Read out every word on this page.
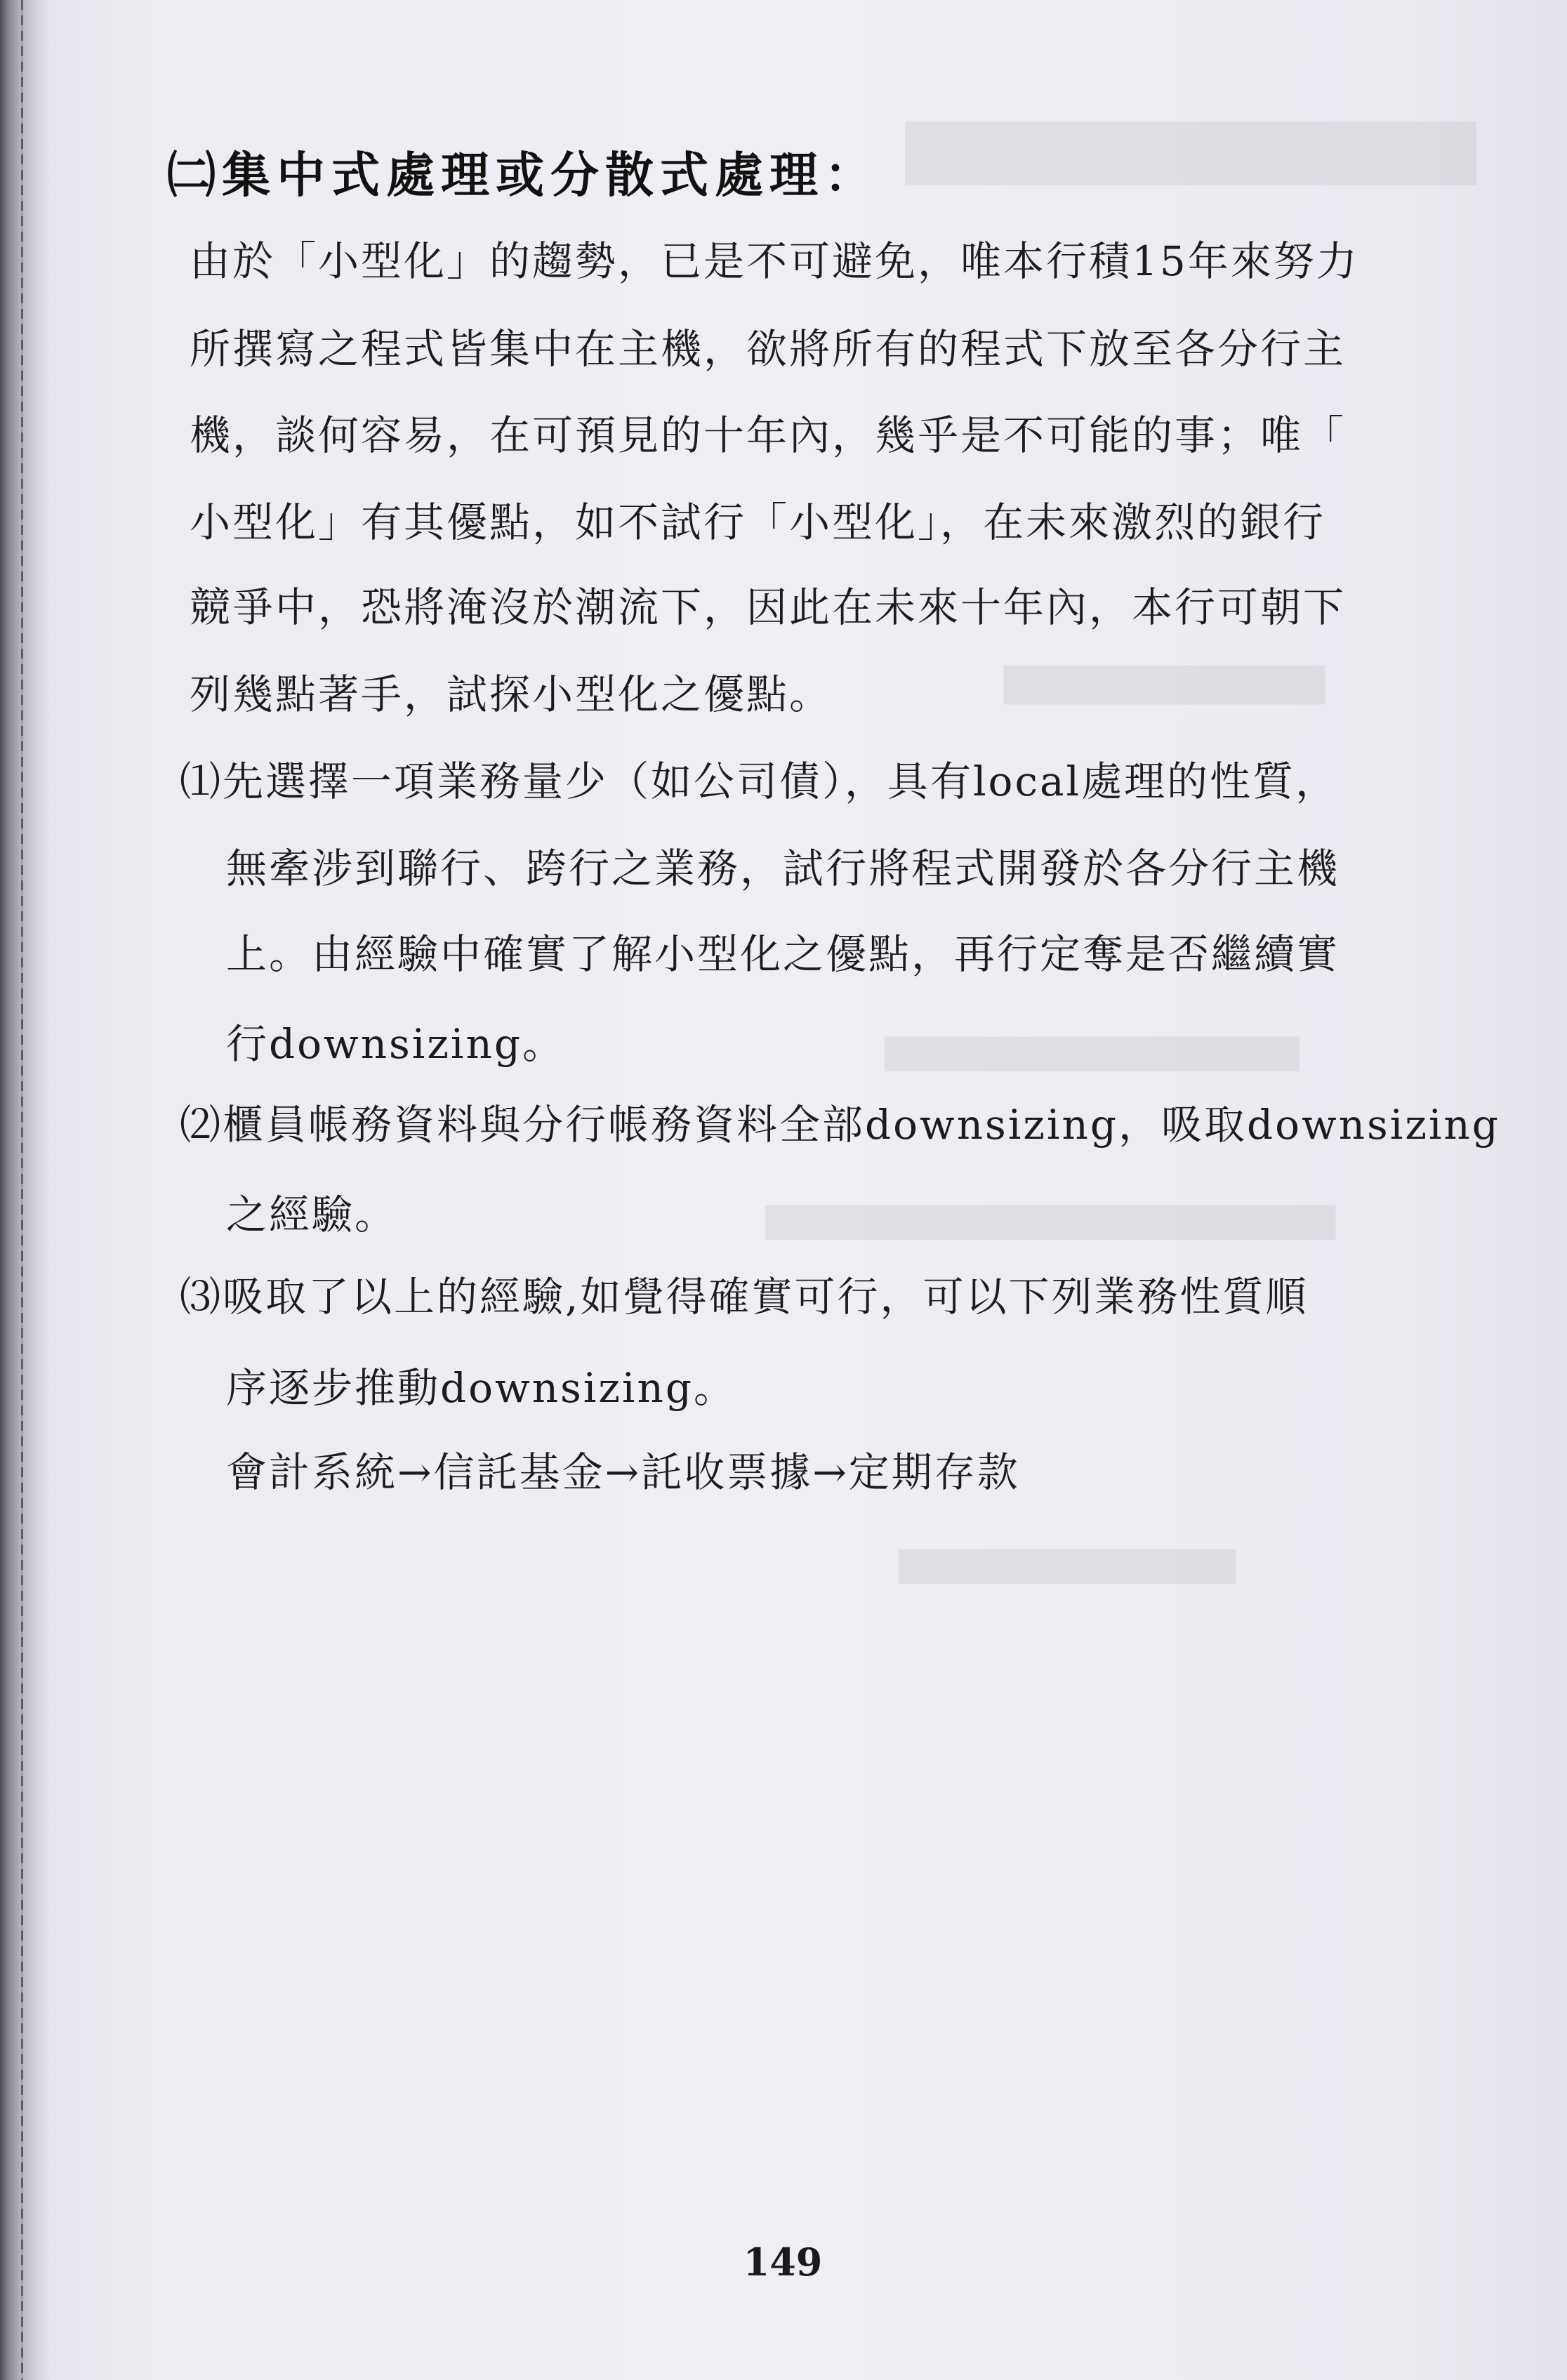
▇▇▇▇▇▇▇▇▇▇▇▇
▇▇▇▇▇▇▇▇▇▇▇
▇▇▇▇▇▇▇▇▇▇▇▇▇▇▇▇
▇▇▇▇▇▇▇▇▇▇▇▇▇▇▇▇▇▇▇▇▇▇
▇▇▇▇▇▇▇▇▇▇▇▇▇
㈡集中式處理或分散式處理：
由於「小型化」的趨勢，已是不可避免，唯本行積15年來努力
所撰寫之程式皆集中在主機，欲將所有的程式下放至各分行主
機，談何容易，在可預見的十年內，幾乎是不可能的事；唯「
小型化」有其優點，如不試行「小型化」，在未來激烈的銀行
競爭中，恐將淹沒於潮流下，因此在未來十年內，本行可朝下
列幾點著手，試探小型化之優點。
⑴先選擇一項業務量少（如公司債），具有local處理的性質，
無牽涉到聯行、跨行之業務，試行將程式開發於各分行主機
上。由經驗中確實了解小型化之優點，再行定奪是否繼續實
行downsizing。
⑵櫃員帳務資料與分行帳務資料全部downsizing，吸取downsizing
之經驗。
⑶吸取了以上的經驗,如覺得確實可行，可以下列業務性質順
序逐步推動downsizing。
會計系統→信託基金→託收票據→定期存款
149
